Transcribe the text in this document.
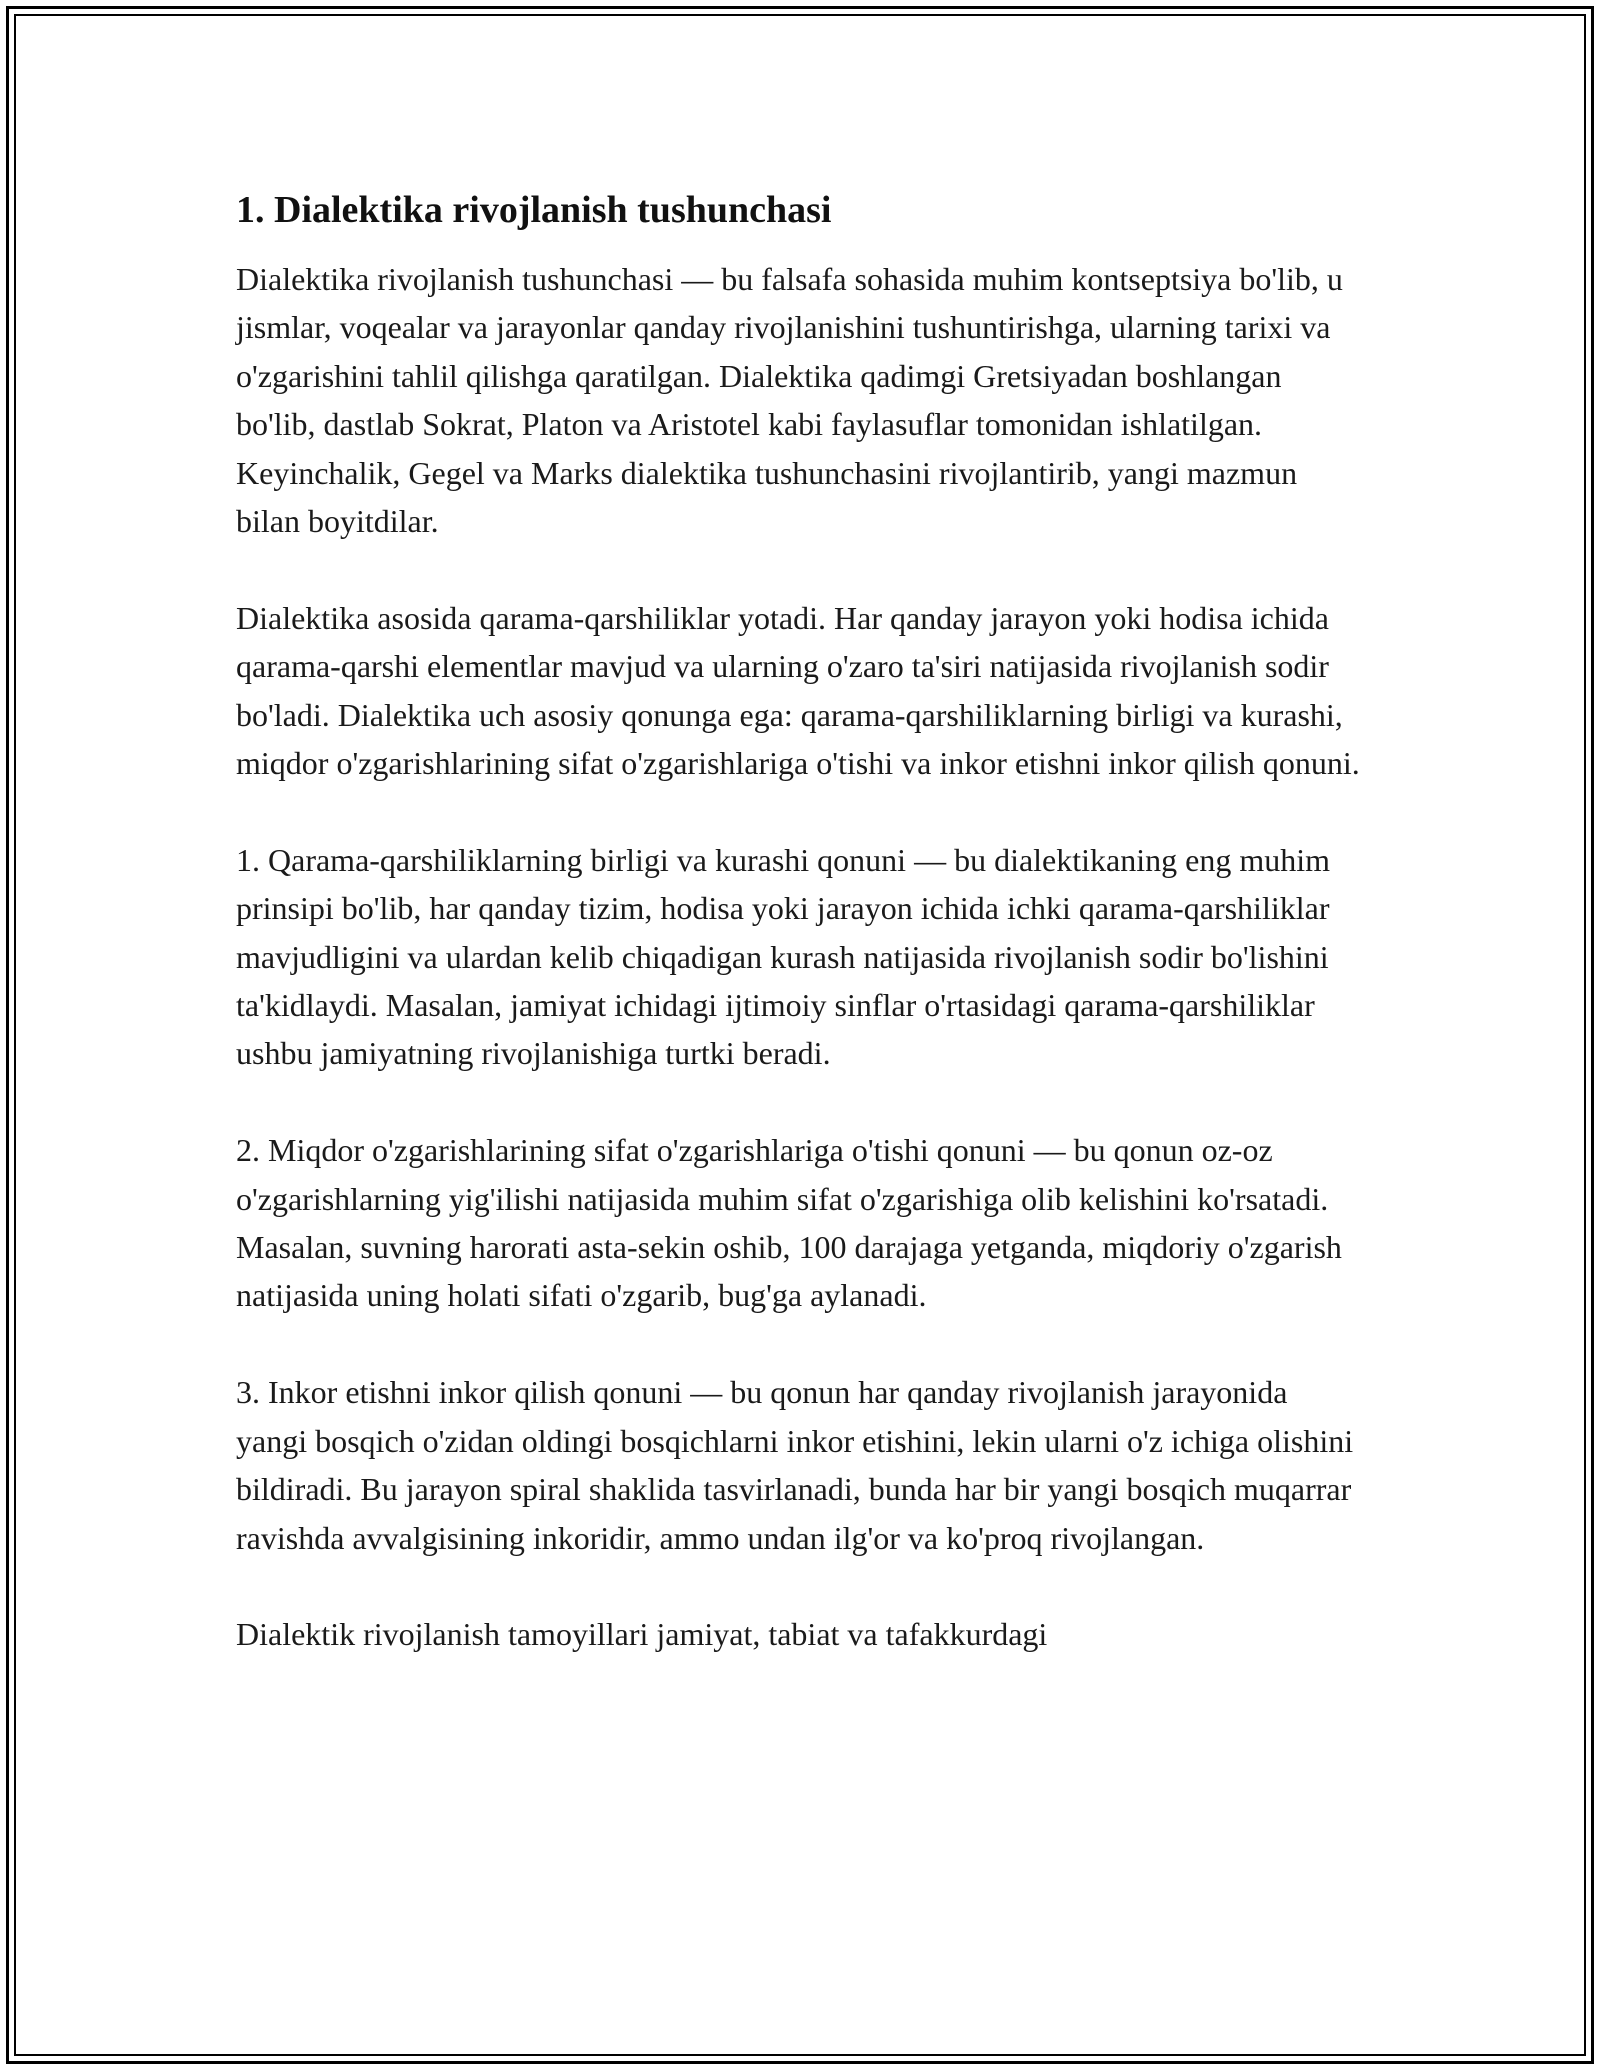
1. Dialektika rivojlanish tushunchasi

Dialektika rivojlanish tushunchasi — bu falsafa sohasida muhim kontseptsiya bo'lib, u jismlar, voqealar va jarayonlar qanday rivojlanishini tushuntirishga, ularning tarixi va o'zgarishini tahlil qilishga qaratilgan. Dialektika qadimgi Gretsiyadan boshlangan bo'lib, dastlab Sokrat, Platon va Aristotel kabi faylasuflar tomonidan ishlatilgan. Keyinchalik, Gegel va Marks dialektika tushunchasini rivojlantirib, yangi mazmun bilan boyitdilar.

Dialektika asosida qarama-qarshiliklar yotadi. Har qanday jarayon yoki hodisa ichida qarama-qarshi elementlar mavjud va ularning o'zaro ta'siri natijasida rivojlanish sodir bo'ladi. Dialektika uch asosiy qonunga ega: qarama-qarshiliklarning birligi va kurashi, miqdor o'zgarishlarining sifat o'zgarishlariga o'tishi va inkor etishni inkor qilish qonuni.

1. Qarama-qarshiliklarning birligi va kurashi qonuni — bu dialektikaning eng muhim prinsipi bo'lib, har qanday tizim, hodisa yoki jarayon ichida ichki qarama-qarshiliklar mavjudligini va ulardan kelib chiqadigan kurash natijasida rivojlanish sodir bo'lishini ta'kidlaydi. Masalan, jamiyat ichidagi ijtimoiy sinflar o'rtasidagi qarama-qarshiliklar ushbu jamiyatning rivojlanishiga turtki beradi.

2. Miqdor o'zgarishlarining sifat o'zgarishlariga o'tishi qonuni — bu qonun oz-oz o'zgarishlarning yig'ilishi natijasida muhim sifat o'zgarishiga olib kelishini ko'rsatadi. Masalan, suvning harorati asta-sekin oshib, 100 darajaga yetganda, miqdoriy o'zgarish natijasida uning holati sifati o'zgarib, bug'ga aylanadi.

3. Inkor etishni inkor qilish qonuni — bu qonun har qanday rivojlanish jarayonida yangi bosqich o'zidan oldingi bosqichlarni inkor etishini, lekin ularni o'z ichiga olishini bildiradi. Bu jarayon spiral shaklida tasvirlanadi, bunda har bir yangi bosqich muqarrar ravishda avvalgisining inkoridir, ammo undan ilg'or va ko'proq rivojlangan.

Dialektik rivojlanish tamoyillari jamiyat, tabiat va tafakkurdagi
